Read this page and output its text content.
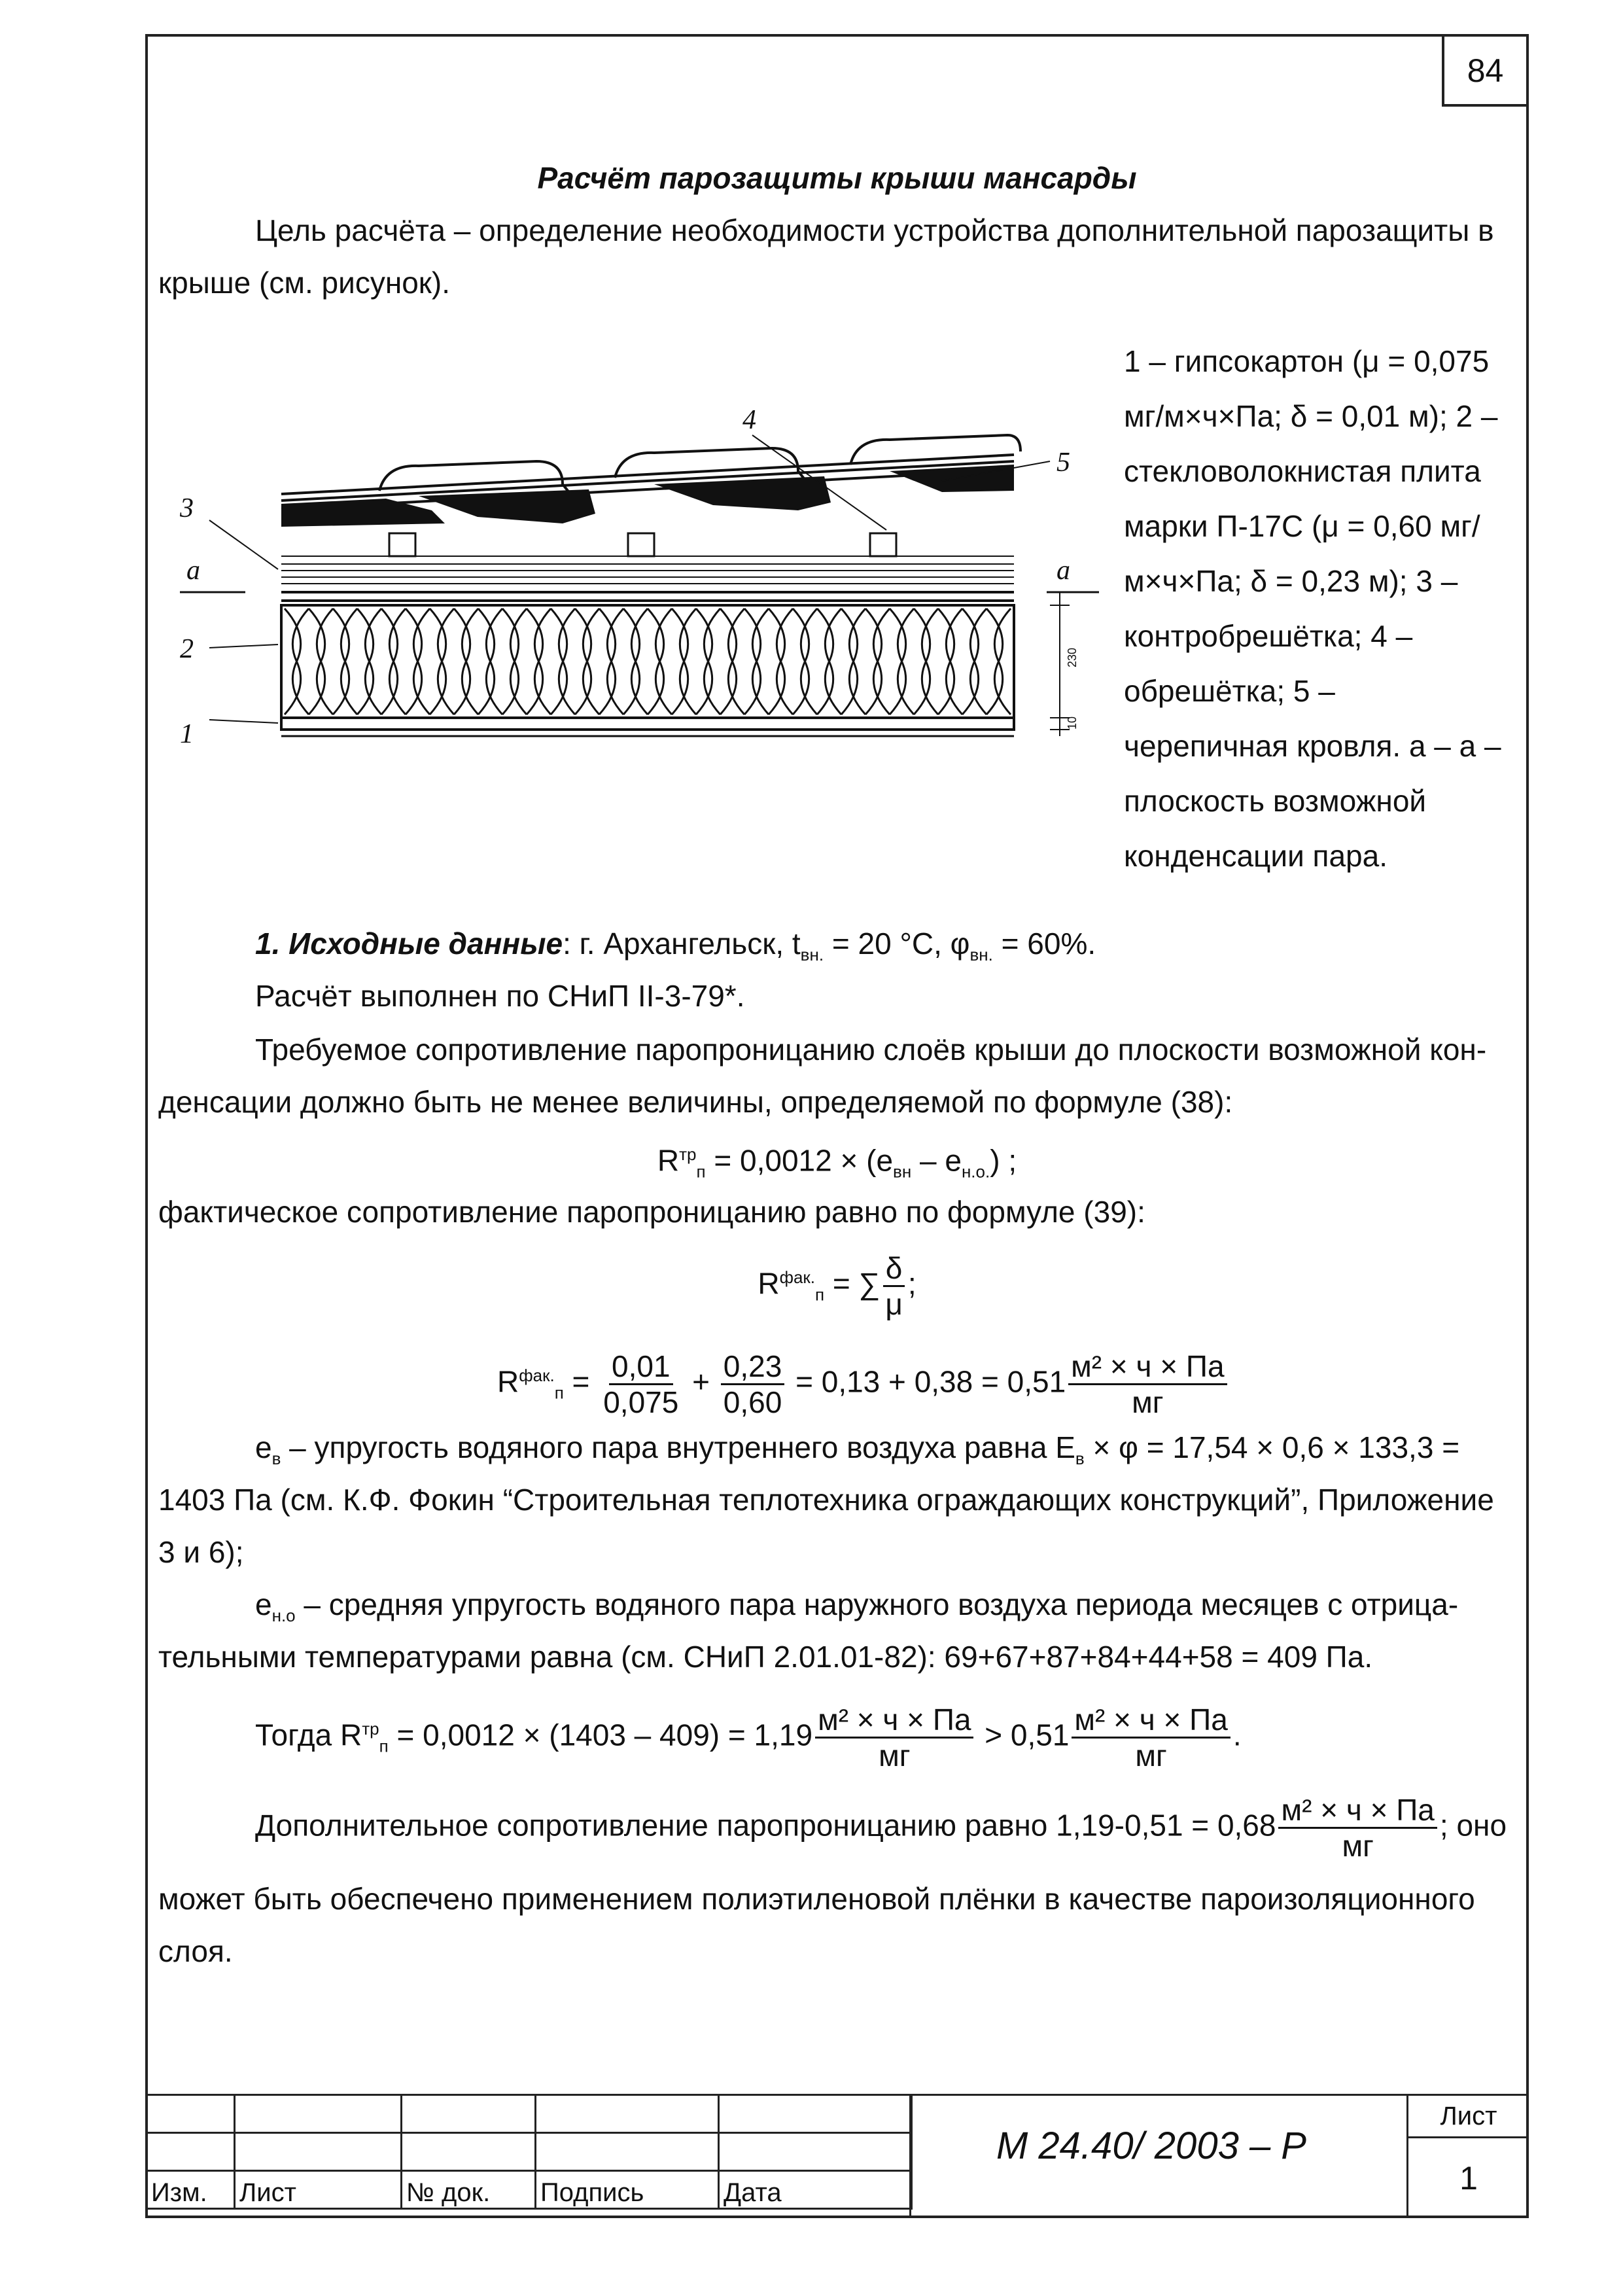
84
Расчёт парозащиты крыши мансарды
Цель расчёта – определение необходимости устройства дополнительной парозащиты в
крыше (см. рисунок).
3
a
2
1
4
5
a
230
10
1 – гипсокартон (μ = 0,075 мг/м×ч×Па; δ = 0,01 м); 2 – стекловолокнистая плита марки П-17С (μ = 0,60 мг/м×ч×Па; δ = 0,23 м); 3 – контробрешётка; 4 – обрешётка; 5 – черепичная кровля. а – а – плоскость возможной конденсации пара.
1. Исходные данные: г. Архангельск, $t_{вн.} = 20$ °С, $\varphi_{вн.} = 60\%$.
Расчёт выполнен по СНиП II-3-79*.
Требуемое сопротивление паропроницанию слоёв крыши до плоскости возможной кон-
денсации должно быть не менее величины, определяемой по формуле (38):
$R^{тр}_п = 0,0012 \times (e_{вн} - e_{н.о.})$ ;
фактическое сопротивление паропроницанию равно по формуле (39):
$R^{фак.}_п$ = ∑ $\frac{\delta}{\mu}$ ;
$R^{фак.}_п = \frac{0,01}{0,075} + \frac{0,23}{0,60} = 0,13 + 0,38 = 0,51 \frac{\text{м² × ч × Па}}{мг}$
$e_в$ – упругость водяного пара внутреннего воздуха равна $E_в \times \varphi = 17,54 \times 0,6 \times 133,3$ =
1403 Па (см. К.Ф. Фокин “Строительная теплотехника ограждающих конструкций”, Приложение
3 и 6);
$e_{н.о}$ – средняя упругость водяного пара наружного воздуха периода месяцев с отрица-
тельными температурами равна (см. СНиП 2.01.01-82): 69+67+87+84+44+58 = 409 Па.
Тогда $R^{тр}_п = 0,0012 \times (1403 - 409) = 1,19 \frac{\text{м² × ч × Па}}{мг} > 0,51 \frac{\text{м² × ч × Па}}{мг}$ .
Дополнительное сопротивление паропроницанию равно $1,19-0,51 = 0,68 \frac{\text{м² × ч × Па}}{мг}$ ; оно
может быть обеспечено применением полиэтиленовой плёнки в качестве пароизоляционного
слоя.

Изм.	Лист	№ док.	Подпись	Дата
М 24.40/ 2003 – Р
Лист
1
